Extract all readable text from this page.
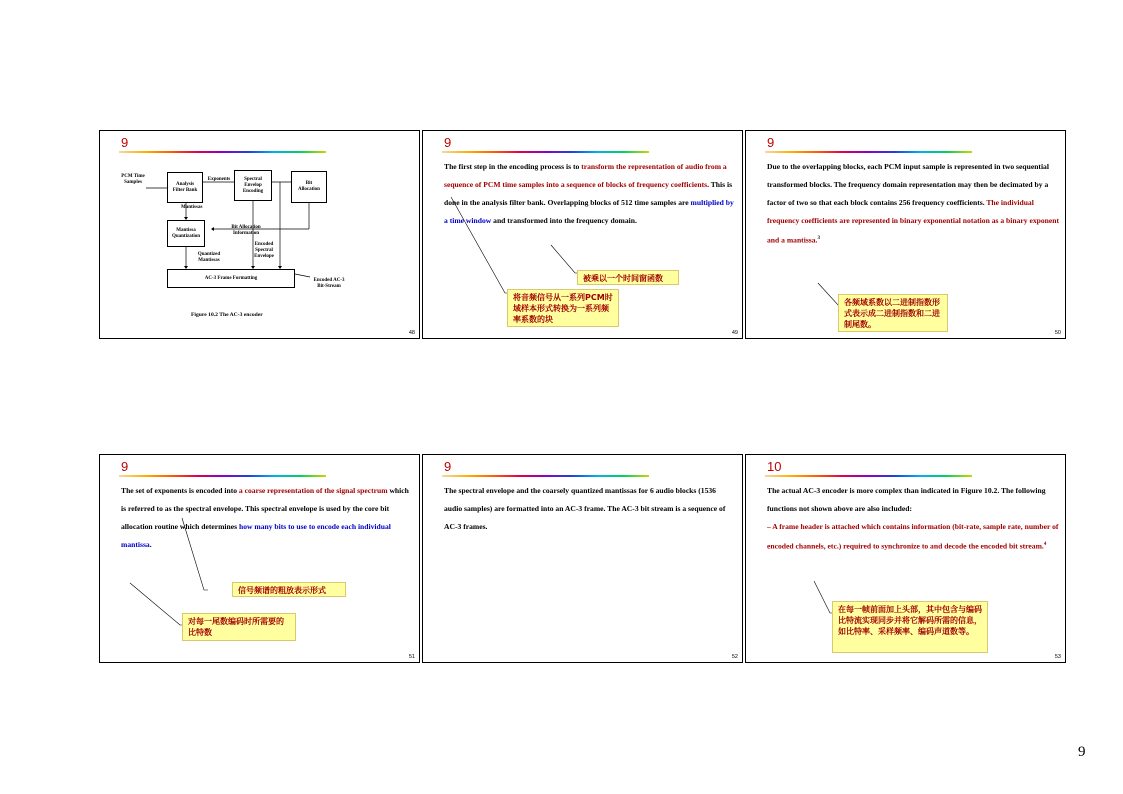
9
PCM Time
Samples	Analysis
Filter Bank
Exponents	Spectral
Envelop
Encoding
Bit
Allocation
Mantissas
Mantissa
Quantization
Bit Allocation
Information
Encoded
Spectral
Envelope
Quantized
Mantissas
AC-3 Frame Formatting	Encoded AC-3
Bit-Stream
Figure 10.2 The AC-3 encoder
48
9
The first step in the encoding process is to transform the representation of audio from a sequence of PCM time samples into a sequence of blocks of frequency coefficients. This is done in the analysis filter bank. Overlapping blocks of 512 time samples are multiplied by a time window and transformed into the frequency domain.
被乘以一个时间窗函数
将音频信号从一系列PCM时域样本形式转换为一系列频率系数的块
49
9
Due to the overlapping blocks, each PCM input sample is represented in two sequential transformed blocks. The frequency domain representation may then be decimated by a factor of two so that each block contains 256 frequency coefficients. The individual frequency coefficients are represented in binary exponential notation as a binary exponent and a mantissa.$^3$
各频域系数以二进制指数形式表示成二进制指数和二进制尾数。
50
9
The set of exponents is encoded into a coarse representation of the signal spectrum which is referred to as the spectral envelope. This spectral envelope is used by the core bit allocation routine which determines how many bits to use to encode each individual mantissa.
信号频谱的粗放表示形式
对每一尾数编码时所需要的比特数
51
9
The spectral envelope and the coarsely quantized mantissas for 6 audio blocks (1536 audio samples) are formatted into an AC-3 frame. The AC-3 bit stream is a sequence of AC-3 frames.
52
10
The actual AC-3 encoder is more complex than indicated in Figure 10.2. The following functions not shown above are also included:
– A frame header is attached which contains information (bit-rate, sample rate, number of encoded channels, etc.) required to synchronize to and decode the encoded bit stream.$^4$
在每一帧前面加上头部，其中包含与编码比特流实现同步并将它解码所需的信息，如比特率、采样频率、编码声道数等。
53
9
